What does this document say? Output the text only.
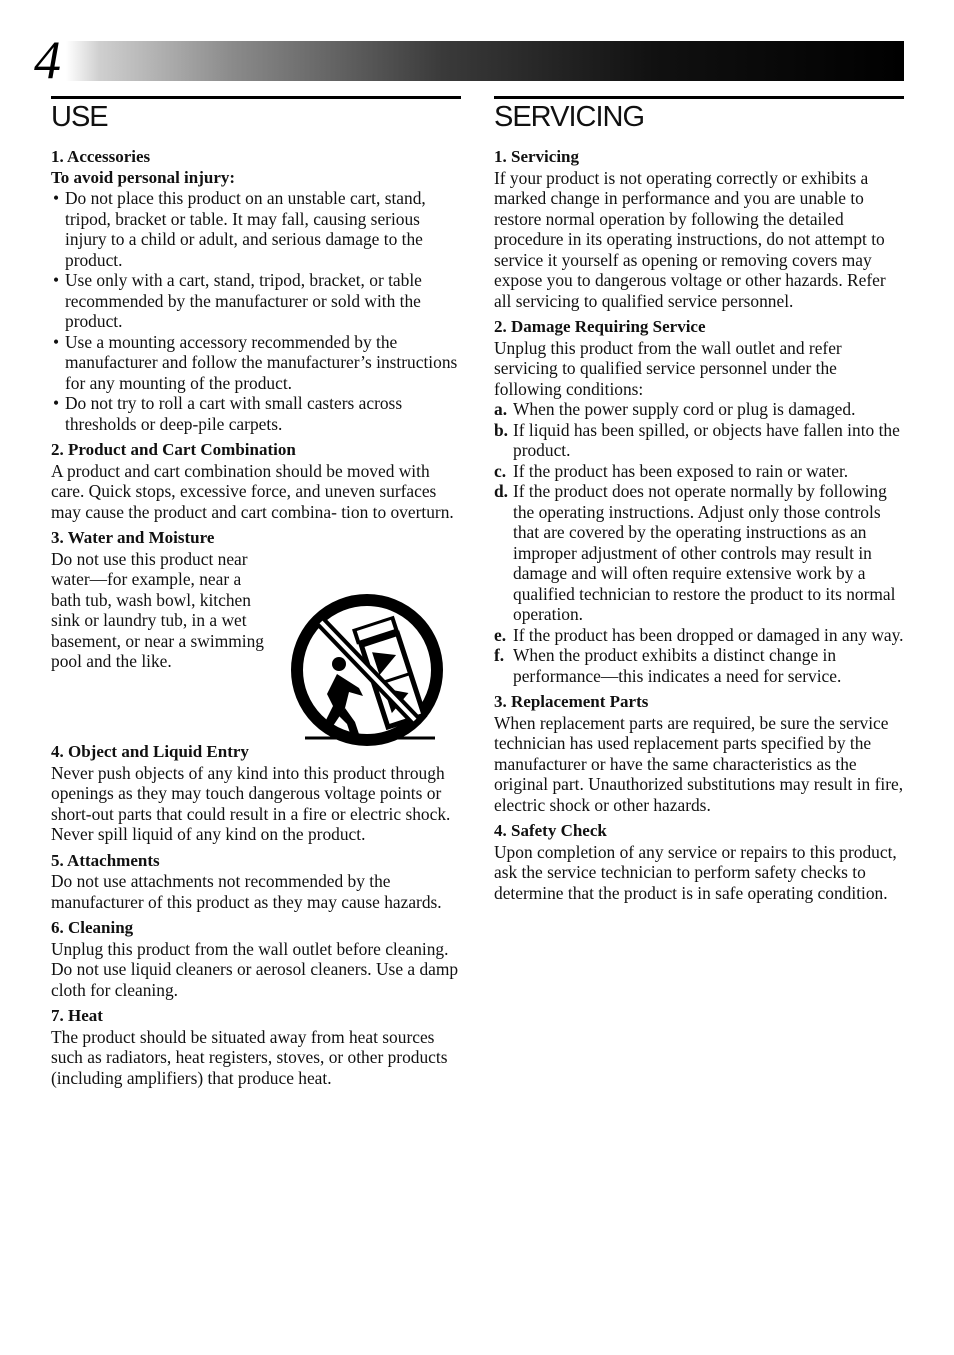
4
USE
1. Accessories
To avoid personal injury:
• Do not place this product on an unstable cart, stand, tripod, bracket or table. It may fall, causing serious injury to a child or adult, and serious damage to the product.
• Use only with a cart, stand, tripod, bracket, or table recommended by the manufacturer or sold with the product.
• Use a mounting accessory recommended by the manufacturer and follow the manufacturer’s instructions for any mounting of the product.
• Do not try to roll a cart with small casters across thresholds or deep-pile carpets.
2. Product and Cart Combination

A product and cart combination should be moved with care. Quick stops, excessive force, and uneven surfaces may cause the product and cart combina- tion to overturn.

3. Water and Moisture

Do not use this product near water—for example, near a bath tub, wash bowl, kitchen sink or laundry tub, in a wet basement, or near a swimming pool and the like.

4. Object and Liquid Entry

Never push objects of any kind into this product through openings as they may touch dangerous voltage points or short-out parts that could result in a fire or electric shock. Never spill liquid of any kind on the product.

5. Attachments

Do not use attachments not recommended by the manufacturer of this product as they may cause hazards.

6. Cleaning

Unplug this product from the wall outlet before cleaning. Do not use liquid cleaners or aerosol cleaners. Use a damp cloth for cleaning.

7. Heat

The product should be situated away from heat sources such as radiators, heat registers, stoves, or other products (including amplifiers) that produce heat.

SERVICING
1. Servicing

If your product is not operating correctly or exhibits a marked change in performance and you are unable to restore normal operation by following the detailed procedure in its operating instructions, do not attempt to service it yourself as opening or removing covers may expose you to dangerous voltage or other hazards. Refer all servicing to qualified service personnel.

2. Damage Requiring Service

Unplug this product from the wall outlet and refer servicing to qualified service personnel under the following conditions:

a. When the power supply cord or plug is damaged.
b. If liquid has been spilled, or objects have fallen into the product.
c. If the product has been exposed to rain or water.
d. If the product does not operate normally by following the operating instructions. Adjust only those controls that are covered by the operating instructions as an improper adjustment of other controls may result in damage and will often require extensive work by a qualified technician to restore the product to its normal operation.
e. If the product has been dropped or damaged in any way.
f. When the product exhibits a distinct change in performance—this indicates a need for service.
3. Replacement Parts

When replacement parts are required, be sure the service technician has used replacement parts specified by the manufacturer or have the same characteristics as the original part. Unauthorized substitutions may result in fire, electric shock or other hazards.

4. Safety Check

Upon completion of any service or repairs to this product, ask the service technician to perform safety checks to determine that the product is in safe operating condition.
